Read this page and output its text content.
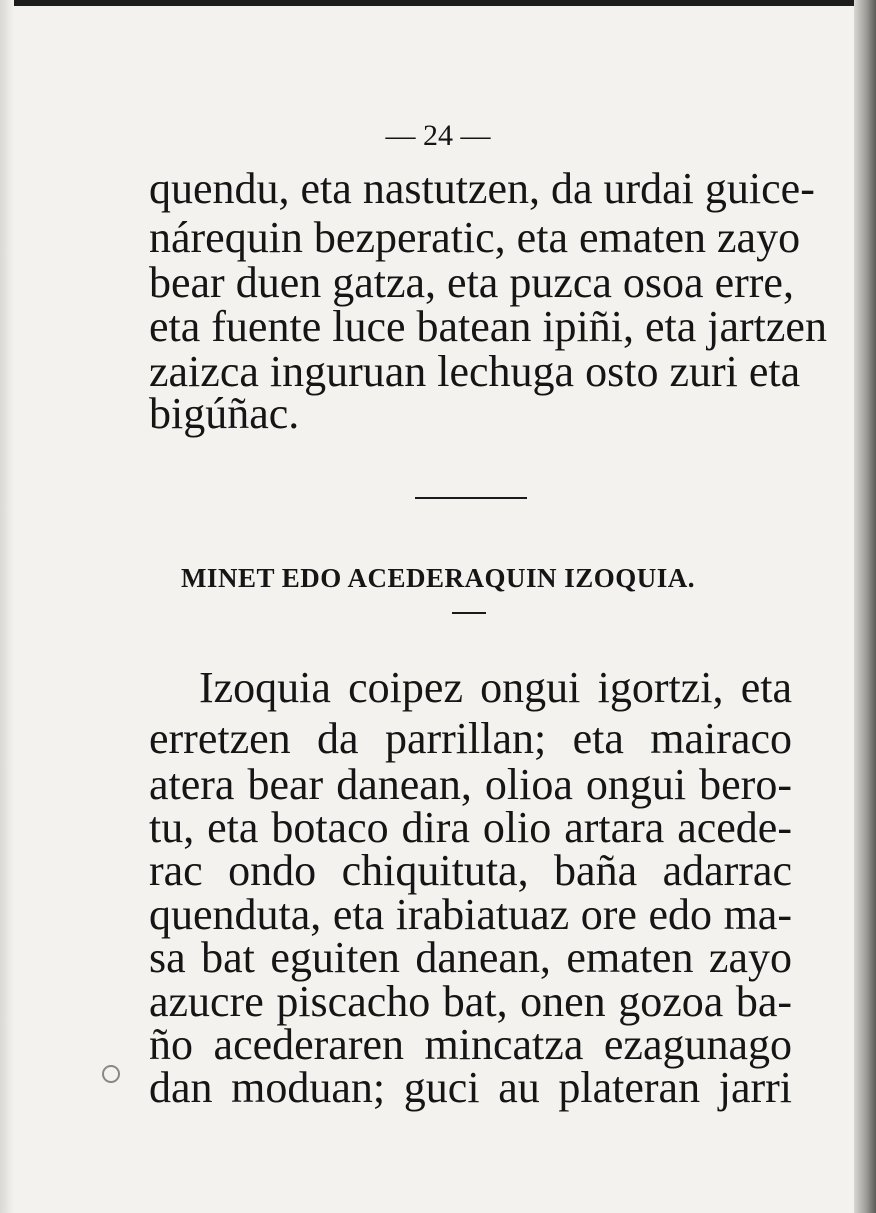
— 24 —
quendu, eta nastutzen, da urdai guice-
nárequin bezperatic, eta ematen zayo
bear duen gatza, eta puzca osoa erre,
eta fuente luce batean ipiñi, eta jartzen
zaizca inguruan lechuga osto zuri eta
bigúñac.
MINET EDO ACEDERAQUIN IZOQUIA.
Izoquia coipez ongui igortzi, eta
erretzen da parrillan; eta mairaco
atera bear danean, olioa ongui bero-
tu, eta botaco dira olio artara acede-
rac ondo chiquituta, baña adarrac
quenduta, eta irabiatuaz ore edo ma-
sa bat eguiten danean, ematen zayo
azucre piscacho bat, onen gozoa ba-
ño acederaren mincatza ezagunago
dan moduan; guci au plateran jarri
